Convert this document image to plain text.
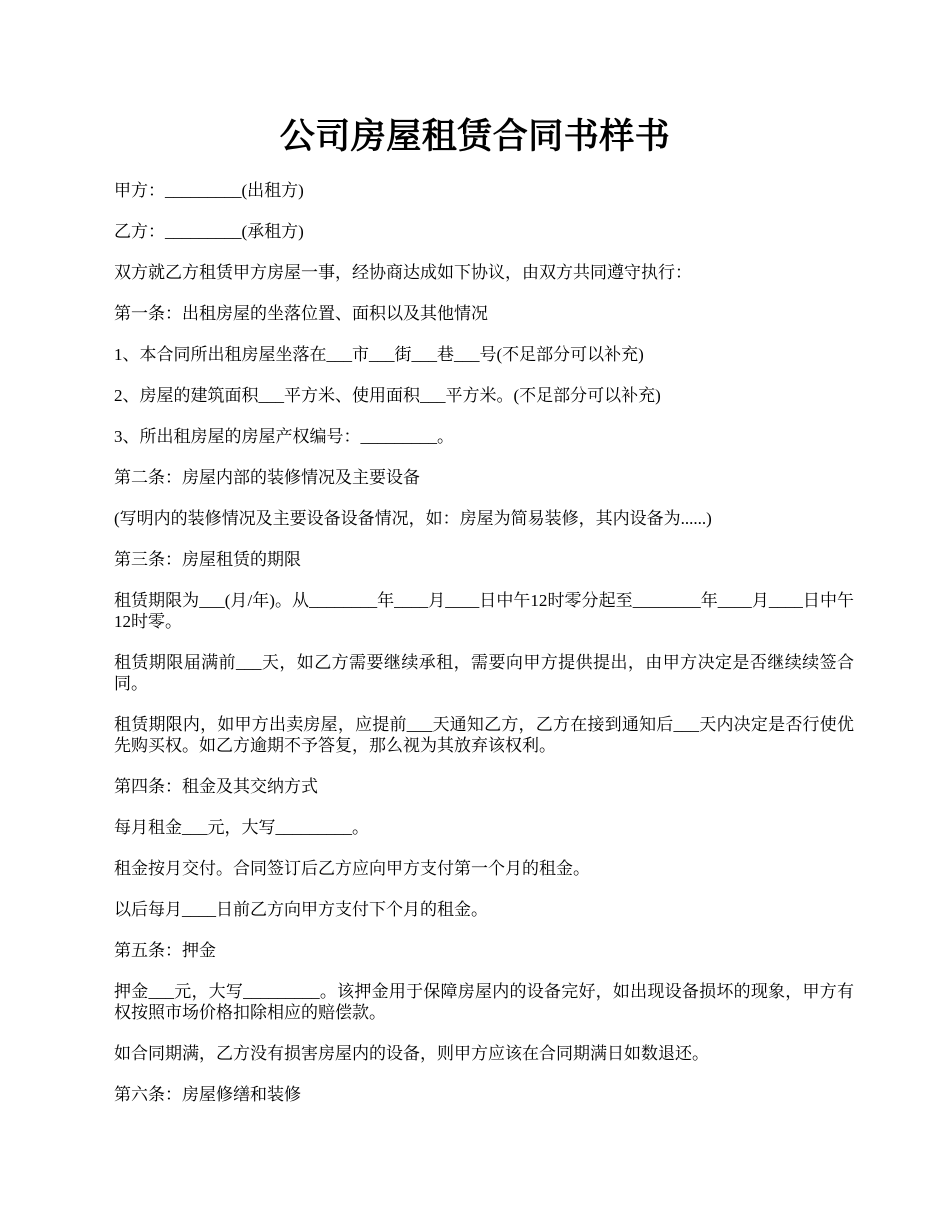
公司房屋租赁合同书样书

甲方：_________(出租方)

乙方：_________(承租方)

双方就乙方租赁甲方房屋一事，经协商达成如下协议，由双方共同遵守执行：

第一条：出租房屋的坐落位置、面积以及其他情况

1、本合同所出租房屋坐落在___市___街___巷___号(不足部分可以补充)

2、房屋的建筑面积___平方米、使用面积___平方米。(不足部分可以补充)

3、所出租房屋的房屋产权编号：_________。

第二条：房屋内部的装修情况及主要设备

(写明内的装修情况及主要设备设备情况，如：房屋为简易装修，其内设备为......)

第三条：房屋租赁的期限

租赁期限为___(月/年)。从________年____月____日中午12时零分起至________年____月____日中午12时零。

租赁期限届满前___天，如乙方需要继续承租，需要向甲方提供提出，由甲方决定是否继续续签合同。

租赁期限内，如甲方出卖房屋，应提前___天通知乙方，乙方在接到通知后___天内决定是否行使优先购买权。如乙方逾期不予答复，那么视为其放弃该权利。

第四条：租金及其交纳方式

每月租金___元，大写_________。

租金按月交付。合同签订后乙方应向甲方支付第一个月的租金。

以后每月____日前乙方向甲方支付下个月的租金。

第五条：押金

押金___元，大写_________。该押金用于保障房屋内的设备完好，如出现设备损坏的现象，甲方有权按照市场价格扣除相应的赔偿款。

如合同期满，乙方没有损害房屋内的设备，则甲方应该在合同期满日如数退还。

第六条：房屋修缮和装修
